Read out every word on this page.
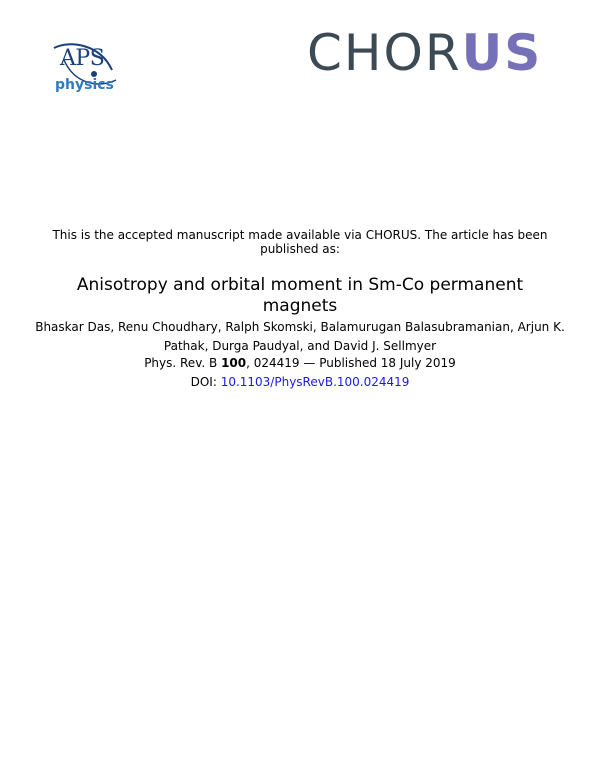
APS
physics
CHORUS
This is the accepted manuscript made available via CHORUS. The article has been published as:
Anisotropy and orbital moment in Sm-Co permanent magnets
Bhaskar Das, Renu Choudhary, Ralph Skomski, Balamurugan Balasubramanian, Arjun K. Pathak, Durga Paudyal, and David J. Sellmyer
Phys. Rev. B 100, 024419 — Published 18 July 2019
DOI: 10.1103/PhysRevB.100.024419
